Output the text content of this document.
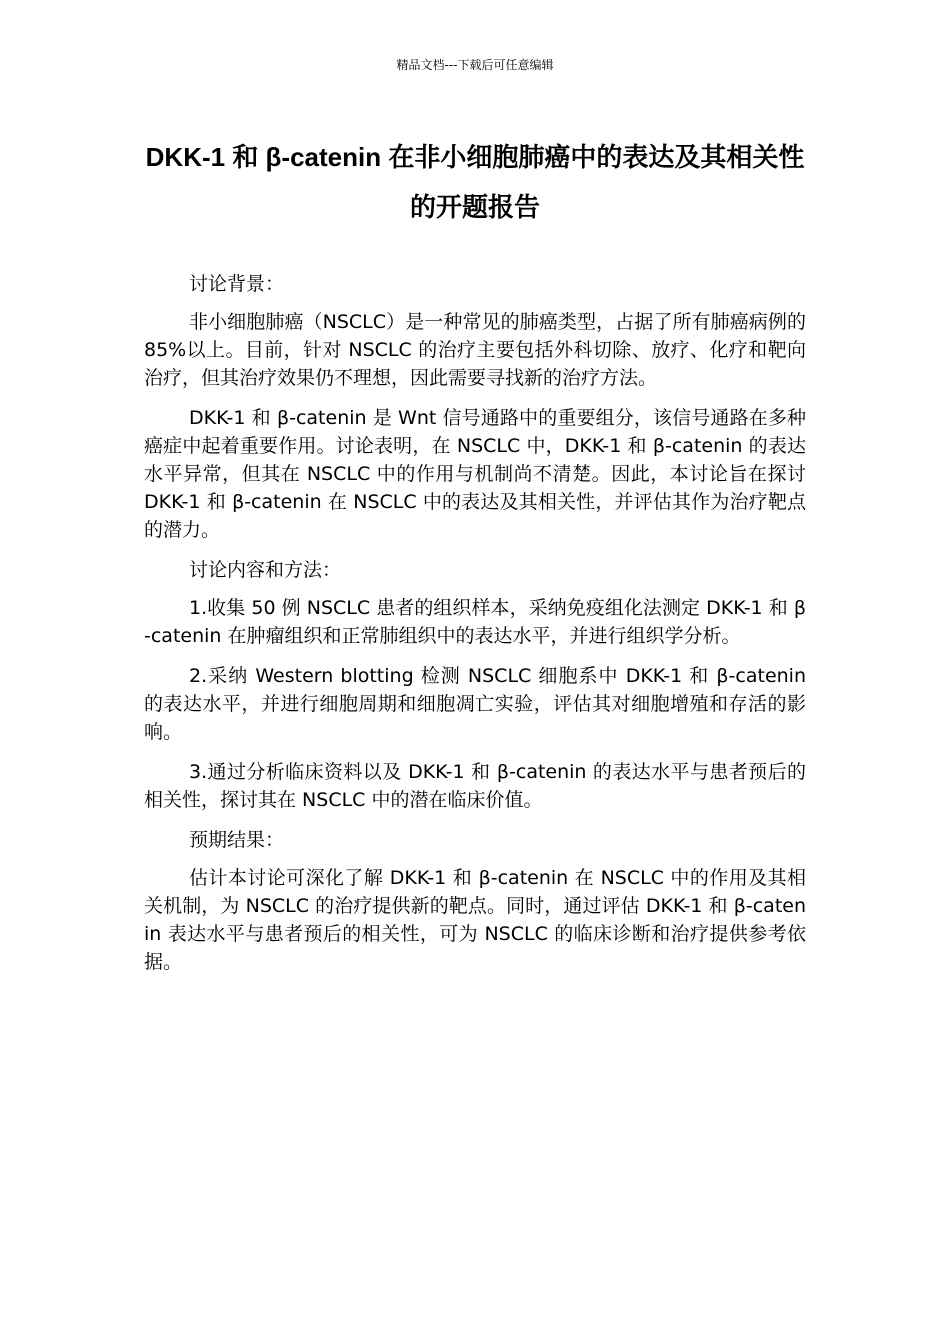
精品文档---下载后可任意编辑
DKK-1 和 β-catenin 在非小细胞肺癌中的表达及其相关性的开题报告

讨论背景：

非小细胞肺癌（NSCLC）是一种常见的肺癌类型，占据了所有肺癌病例的 85%以上。目前，针对 NSCLC 的治疗主要包括外科切除、放疗、化疗和靶向治疗，但其治疗效果仍不理想，因此需要寻找新的治疗方法。

DKK-1 和 β-catenin 是 Wnt 信号通路中的重要组分，该信号通路在多种癌症中起着重要作用。讨论表明，在 NSCLC 中，DKK-1 和 β-catenin 的表达水平异常，但其在 NSCLC 中的作用与机制尚不清楚。因此，本讨论旨在探讨 DKK-1 和 β-catenin 在 NSCLC 中的表达及其相关性，并评估其作为治疗靶点的潜力。

讨论内容和方法：

1.收集 50 例 NSCLC 患者的组织样本，采纳免疫组化法测定 DKK-1 和 β-catenin 在肿瘤组织和正常肺组织中的表达水平，并进行组织学分析。

2.采纳 Western blotting 检测 NSCLC 细胞系中 DKK-1 和 β-catenin 的表达水平，并进行细胞周期和细胞凋亡实验，评估其对细胞增殖和存活的影响。

3.通过分析临床资料以及 DKK-1 和 β-catenin 的表达水平与患者预后的相关性，探讨其在 NSCLC 中的潜在临床价值。

预期结果：

估计本讨论可深化了解 DKK-1 和 β-catenin 在 NSCLC 中的作用及其相关机制，为 NSCLC 的治疗提供新的靶点。同时，通过评估 DKK-1 和 β-catenin 表达水平与患者预后的相关性，可为 NSCLC 的临床诊断和治疗提供参考依据。
